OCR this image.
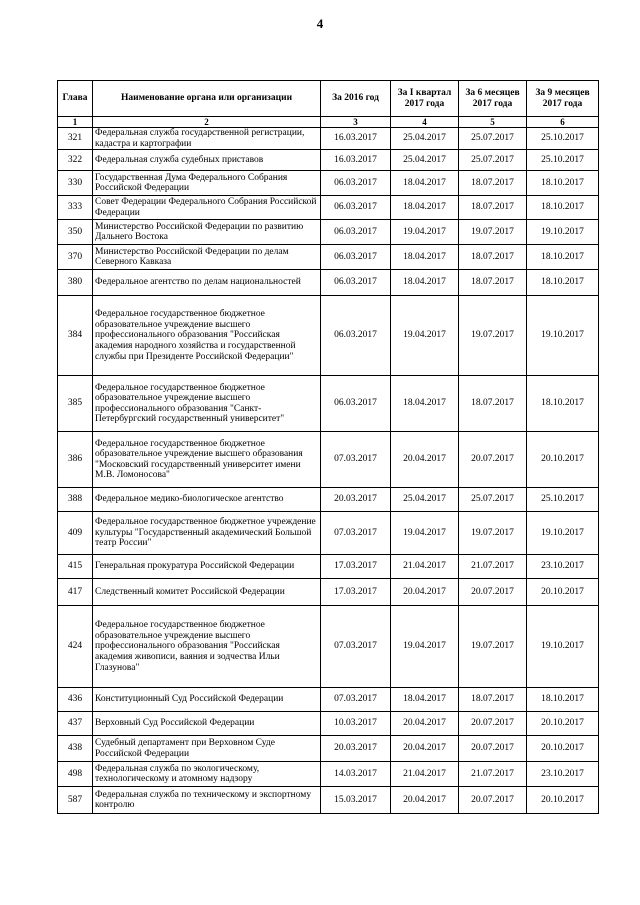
4
Глава	Наименование органа или организации	За 2016 год	За I квартал 2017 года	За 6 месяцев 2017 года	За 9 месяцев 2017 года
1	2	3	4	5	6
321	Федеральная служба государственной регистрации, кадастра и картографии	16.03.2017	25.04.2017	25.07.2017	25.10.2017
322	Федеральная служба судебных приставов	16.03.2017	25.04.2017	25.07.2017	25.10.2017
330	Государственная Дума Федерального Собрания Российской Федерации	06.03.2017	18.04.2017	18.07.2017	18.10.2017
333	Совет Федерации Федерального Собрания Российской Федерации	06.03.2017	18.04.2017	18.07.2017	18.10.2017
350	Министерство Российской Федерации по развитию Дальнего Востока	06.03.2017	19.04.2017	19.07.2017	19.10.2017
370	Министерство Российской Федерации по делам Северного Кавказа	06.03.2017	18.04.2017	18.07.2017	18.10.2017
380	Федеральное агентство по делам национальностей	06.03.2017	18.04.2017	18.07.2017	18.10.2017
384	Федеральное государственное бюджетное образовательное учреждение высшего профессионального образования "Российская академия народного хозяйства и государственной службы при Президенте Российской Федерации"	06.03.2017	19.04.2017	19.07.2017	19.10.2017
385	Федеральное государственное бюджетное образовательное учреждение высшего профессионального образования "Санкт-Петербургский государственный университет"	06.03.2017	18.04.2017	18.07.2017	18.10.2017
386	Федеральное государственное бюджетное образовательное учреждение высшего образования "Московский государственный университет имени М.В. Ломоносова"	07.03.2017	20.04.2017	20.07.2017	20.10.2017
388	Федеральное медико-биологическое агентство	20.03.2017	25.04.2017	25.07.2017	25.10.2017
409	Федеральное государственное бюджетное учреждение культуры "Государственный академический Большой театр России"	07.03.2017	19.04.2017	19.07.2017	19.10.2017
415	Генеральная прокуратура Российской Федерации	17.03.2017	21.04.2017	21.07.2017	23.10.2017
417	Следственный комитет Российской Федерации	17.03.2017	20.04.2017	20.07.2017	20.10.2017
424	Федеральное государственное бюджетное образовательное учреждение высшего профессионального образования "Российская академия живописи, ваяния и зодчества Ильи Глазунова"	07.03.2017	19.04.2017	19.07.2017	19.10.2017
436	Конституционный Суд Российской Федерации	07.03.2017	18.04.2017	18.07.2017	18.10.2017
437	Верховный Суд Российской Федерации	10.03.2017	20.04.2017	20.07.2017	20.10.2017
438	Судебный департамент при Верховном Суде Российской Федерации	20.03.2017	20.04.2017	20.07.2017	20.10.2017
498	Федеральная служба по экологическому, технологическому и атомному надзору	14.03.2017	21.04.2017	21.07.2017	23.10.2017
587	Федеральная служба по техническому и экспортному контролю	15.03.2017	20.04.2017	20.07.2017	20.10.2017
